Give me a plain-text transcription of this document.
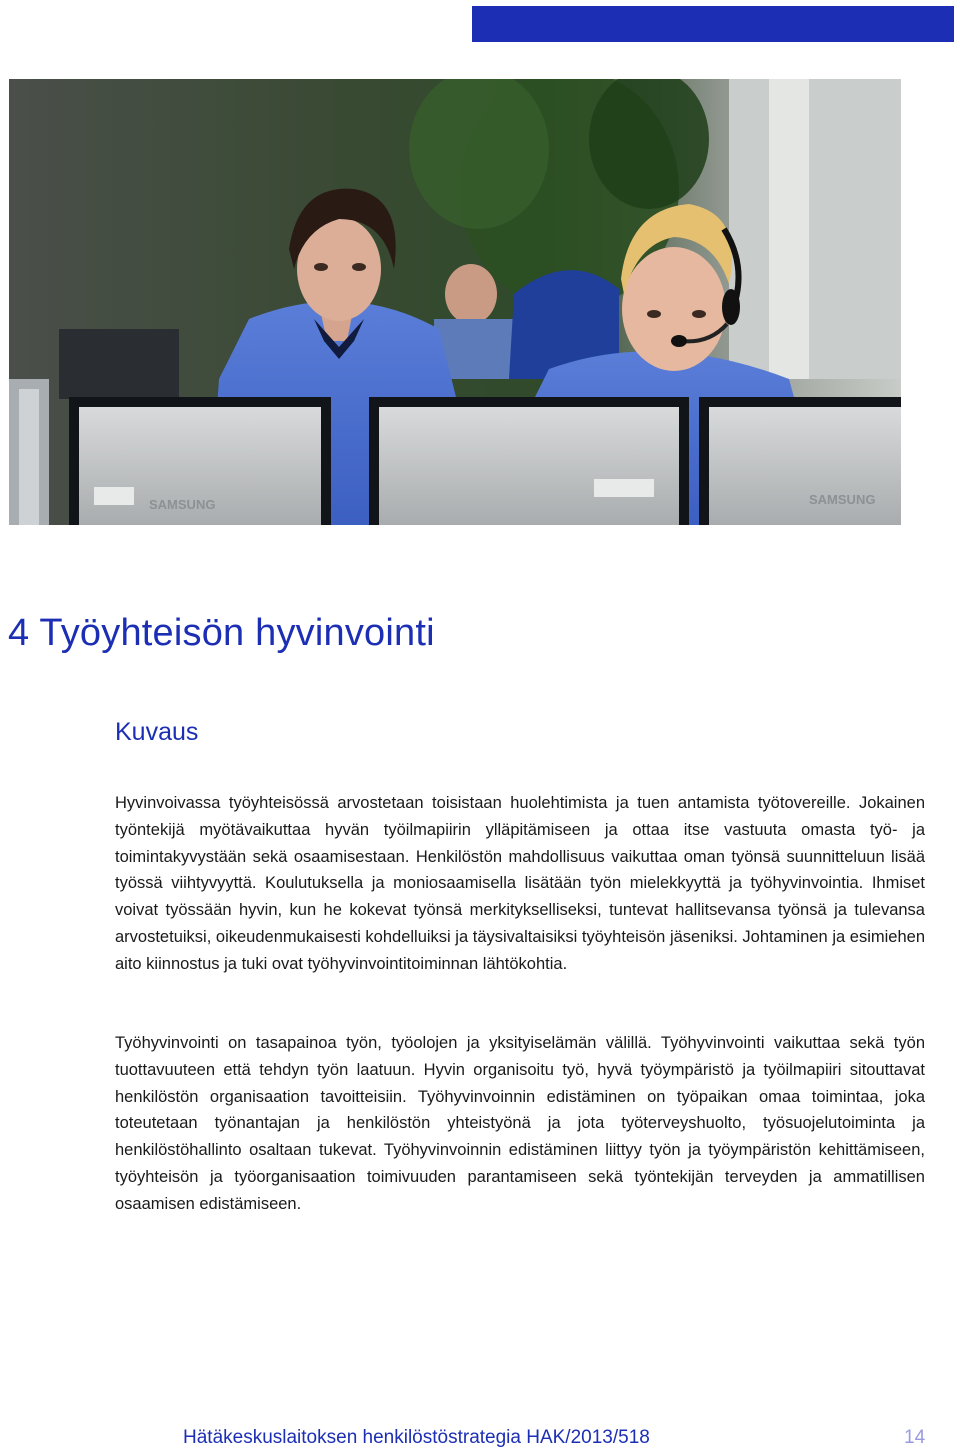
SAMSUNG	SAMSUNG
4 Työyhteisön hyvinvointi
Kuvaus

Hyvinvoivassa työyhteisössä arvostetaan toisistaan huolehtimista ja tuen antamista työtovereille. Jokainen työntekijä myötävaikuttaa hyvän työilmapiirin ylläpitämiseen ja ottaa itse vastuuta omasta työ- ja toimintakyvystään sekä osaamisestaan. Henkilöstön mahdollisuus vaikuttaa oman työnsä suunnitteluun lisää työssä viihtyvyyttä. Koulutuksella ja moniosaamisella lisätään työn mielekkyyttä ja työhyvinvointia. Ihmiset voivat työssään hyvin, kun he kokevat työnsä merkitykselliseksi, tuntevat hallitsevansa työnsä ja tulevansa arvostetuiksi, oikeudenmukaisesti kohdelluiksi ja täysivaltaisiksi työyhteisön jäseniksi. Johtaminen ja esimiehen aito kiinnostus ja tuki ovat työhyvinvointitoiminnan lähtökohtia.

Työhyvinvointi on tasapainoa työn, työolojen ja yksityiselämän välillä. Työhyvinvointi vaikuttaa sekä työn tuottavuuteen että tehdyn työn laatuun. Hyvin organisoitu työ, hyvä työympäristö ja työilmapiiri sitouttavat henkilöstön organisaation tavoitteisiin. Työhyvinvoinnin edistäminen on työpaikan omaa toimintaa, joka toteutetaan työnantajan ja henkilöstön yhteistyönä ja jota työterveyshuolto, työsuojelutoiminta ja henkilöstöhallinto osaltaan tukevat. Työhyvinvoinnin edistäminen liittyy työn ja työympäristön kehittämiseen, työyhteisön ja työorganisaation toimivuuden parantamiseen sekä työntekijän terveyden ja ammatillisen osaamisen edistämiseen.

Hätäkeskuslaitoksen henkilöstöstrategia HAK/2013/518	14
